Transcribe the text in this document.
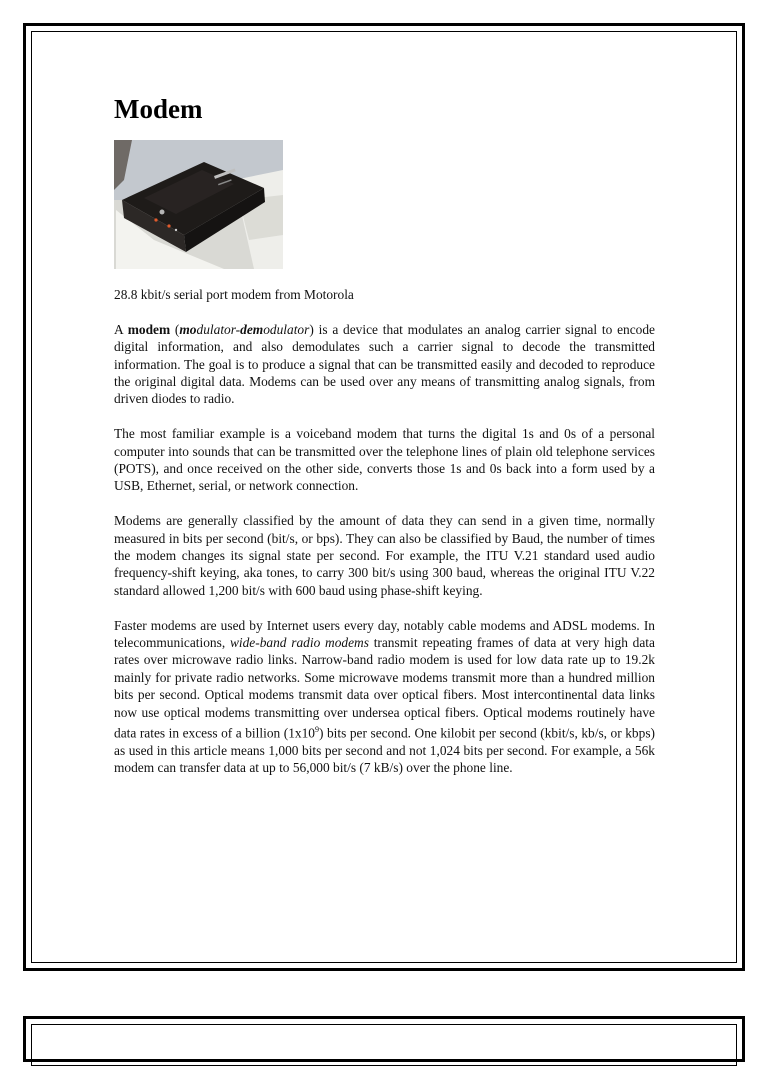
Modem

28.8 kbit/s serial port modem from Motorola

A modem (modulator-demodulator) is a device that modulates an analog carrier signal to encode digital information, and also demodulates such a carrier signal to decode the transmitted information. The goal is to produce a signal that can be transmitted easily and decoded to reproduce the original digital data. Modems can be used over any means of transmitting analog signals, from driven diodes to radio.

The most familiar example is a voiceband modem that turns the digital 1s and 0s of a personal computer into sounds that can be transmitted over the telephone lines of plain old telephone services (POTS), and once received on the other side, converts those 1s and 0s back into a form used by a USB, Ethernet, serial, or network connection.

Modems are generally classified by the amount of data they can send in a given time, normally measured in bits per second (bit/s, or bps). They can also be classified by Baud, the number of times the modem changes its signal state per second. For example, the ITU V.21 standard used audio frequency-shift keying, aka tones, to carry 300 bit/s using 300 baud, whereas the original ITU V.22 standard allowed 1,200 bit/s with 600 baud using phase-shift keying.

Faster modems are used by Internet users every day, notably cable modems and ADSL modems. In telecommunications, wide-band radio modems transmit repeating frames of data at very high data rates over microwave radio links. Narrow-band radio modem is used for low data rate up to 19.2k mainly for private radio networks. Some microwave modems transmit more than a hundred million bits per second. Optical modems transmit data over optical fibers. Most intercontinental data links now use optical modems transmitting over undersea optical fibers. Optical modems routinely have data rates in excess of a billion $(1x10^9)$ bits per second. One kilobit per second (kbit/s, kb/s, or kbps) as used in this article means 1,000 bits per second and not 1,024 bits per second. For example, a 56k modem can transfer data at up to 56,000 bit/s (7 kB/s) over the phone line.
